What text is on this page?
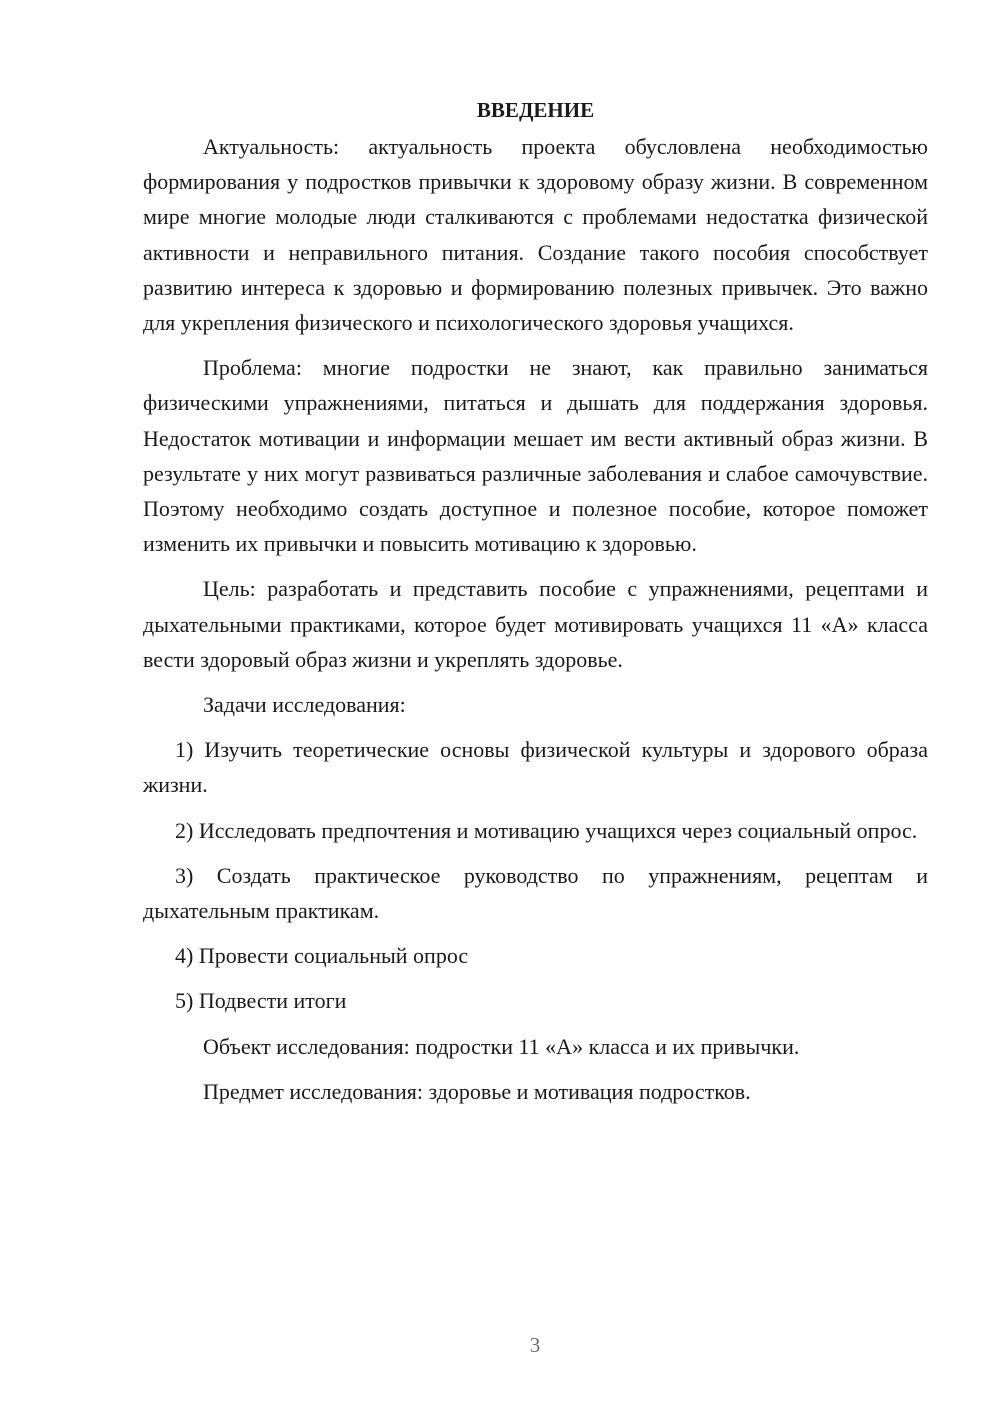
ВВЕДЕНИЕ

Актуальность: актуальность проекта обусловлена необходимостью формирования у подростков привычки к здоровому образу жизни. В современном мире многие молодые люди сталкиваются с проблемами недостатка физической активности и неправильного питания. Создание такого пособия способствует развитию интереса к здоровью и формированию полезных привычек. Это важно для укрепления физического и психологического здоровья учащихся.

Проблема: многие подростки не знают, как правильно заниматься физическими упражнениями, питаться и дышать для поддержания здоровья. Недостаток мотивации и информации мешает им вести активный образ жизни. В результате у них могут развиваться различные заболевания и слабое самочувствие. Поэтому необходимо создать доступное и полезное пособие, которое поможет изменить их привычки и повысить мотивацию к здоровью.

Цель: разработать и представить пособие с упражнениями, рецептами и дыхательными практиками, которое будет мотивировать учащихся 11 «А» класса вести здоровый образ жизни и укреплять здоровье.

Задачи исследования:

1) Изучить теоретические основы физической культуры и здорового образа жизни.

2) Исследовать предпочтения и мотивацию учащихся через социальный опрос.

3) Создать практическое руководство по упражнениям, рецептам и дыхательным практикам.

4) Провести социальный опрос

5) Подвести итоги

Объект исследования: подростки 11 «А» класса и их привычки.

Предмет исследования: здоровье и мотивация подростков.

3
